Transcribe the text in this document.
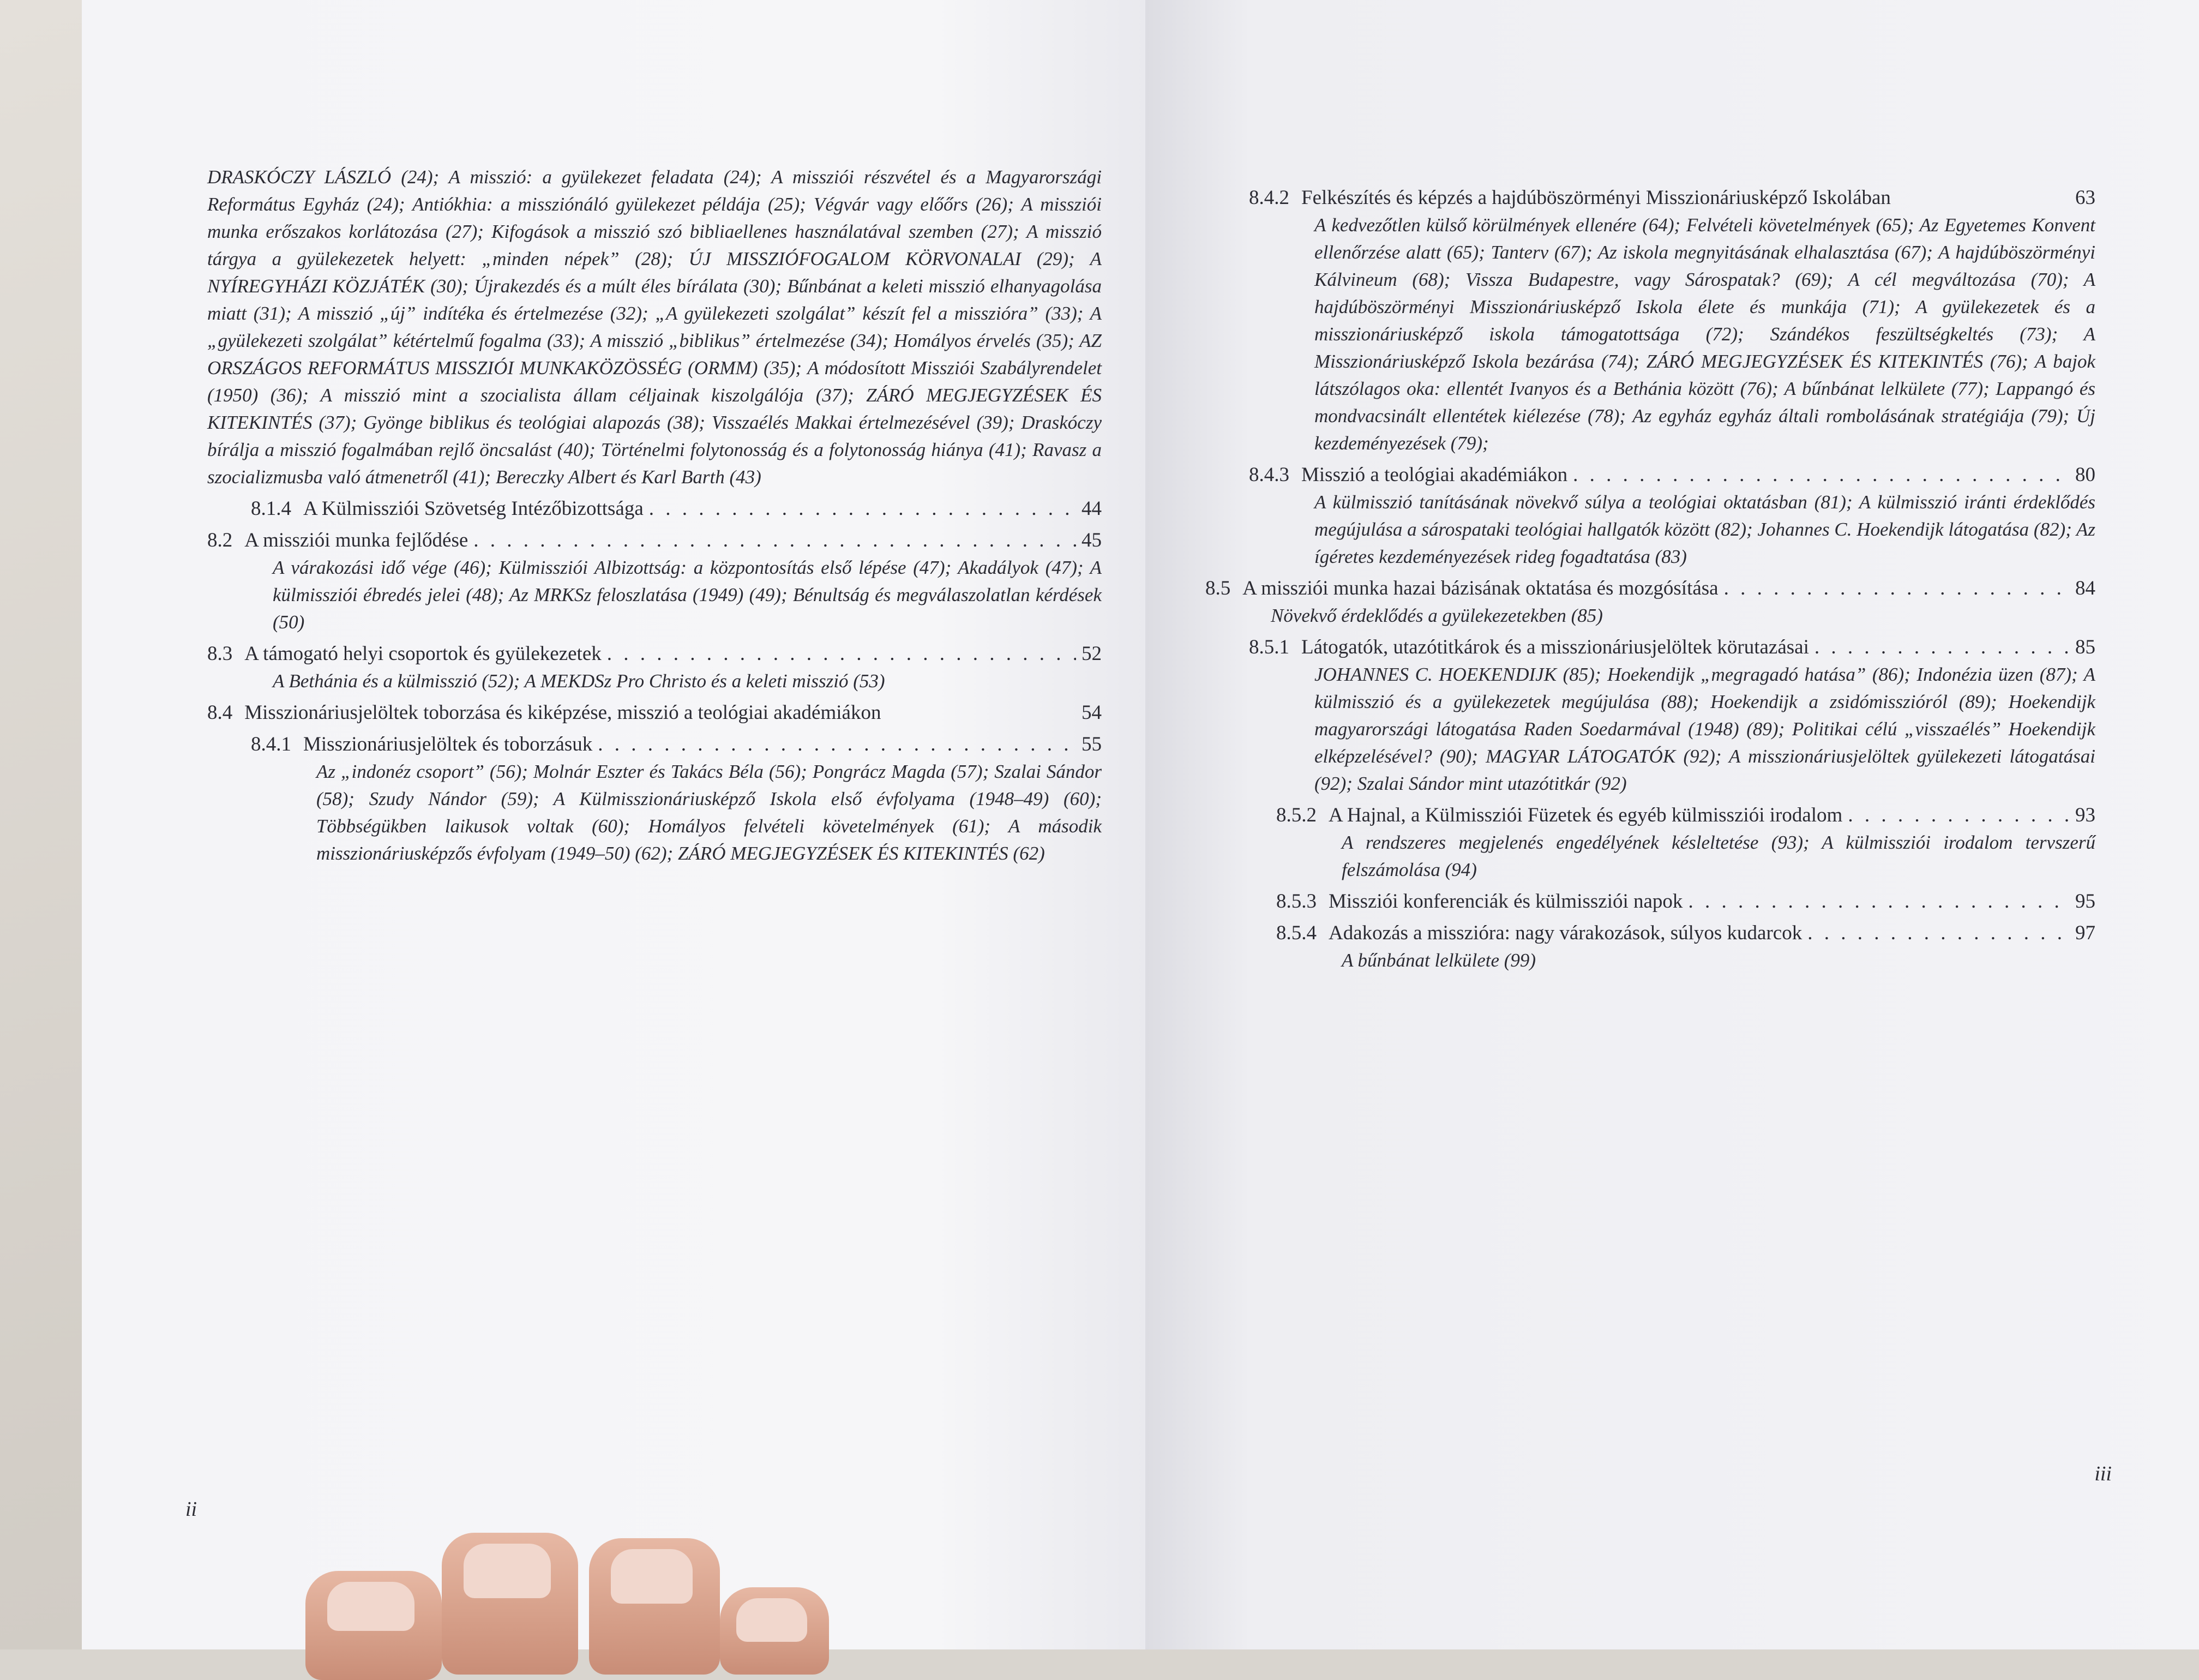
DRASKÓCZY LÁSZLÓ (24); A misszió: a gyülekezet feladata (24); A missziói részvétel és a Magyarországi Református Egyház (24); Antiókhia: a missziónáló gyülekezet példája (25); Végvár vagy előőrs (26); A missziói munka erőszakos korlátozása (27); Kifogások a misszió szó bibliaellenes használatával szemben (27); A misszió tárgya a gyülekezetek helyett: „minden népek” (28); ÚJ MISSZIÓFOGALOM KÖRVONALAI (29); A NYÍREGYHÁZI KÖZJÁTÉK (30); Újrakezdés és a múlt éles bírálata (30); Bűnbánat a keleti misszió elhanyagolása miatt (31); A misszió „új” indítéka és értelmezése (32); „A gyülekezeti szolgálat” készít fel a misszióra” (33); A „gyülekezeti szolgálat” kétértelmű fogalma (33); A misszió „biblikus” értelmezése (34); Homályos érvelés (35); AZ ORSZÁGOS REFORMÁTUS MISSZIÓI MUNKAKÖZÖSSÉG (ORMM) (35); A módosított Missziói Szabályrendelet (1950) (36); A misszió mint a szocialista állam céljainak kiszolgálója (37); ZÁRÓ MEGJEGYZÉSEK ÉS KITEKINTÉS (37); Gyönge biblikus és teológiai alapozás (38); Visszaélés Makkai értelmezésével (39); Draskóczy bírálja a misszió fogalmában rejlő öncsalást (40); Történelmi folytonosság és a folytonosság hiánya (41); Ravasz a szocializmusba való átmenetről (41); Bereczky Albert és Karl Barth (43)
8.1.4 A Külmissziói Szövetség Intézőbizottsága . . .	44
8.2 A missziói munka fejlődése . . .	45
A várakozási idő vége (46); Külmissziói Albizottság: a központosítás első lépése (47); Akadályok (47); A külmissziói ébredés jelei (48); Az MRKSz feloszlatása (1949) (49); Bénultság és megválaszolatlan kérdések (50)
8.3 A támogató helyi csoportok és gyülekezetek . . .	52
A Bethánia és a külmisszió (52); A MEKDSz Pro Christo és a keleti misszió (53)
8.4 Misszionáriusjelöltek toborzása és kiképzése, misszió a teológiai akadémiákon	54
8.4.1 Misszionáriusjelöltek és toborzásuk . . .	55
Az „indonéz csoport” (56); Molnár Eszter és Takács Béla (56); Pongrácz Magda (57); Szalai Sándor (58); Szudy Nándor (59); A Külmisszionáriusképző Iskola első évfolyama (1948–49) (60); Többségükben laikusok voltak (60); Homályos felvételi követelmények (61); A második misszionáriusképzős évfolyam (1949–50) (62); ZÁRÓ MEGJEGYZÉSEK ÉS KITEKINTÉS (62)
ii
8.4.2 Felkészítés és képzés a hajdúböszörményi Misszionáriusképző Iskolában	63
A kedvezőtlen külső körülmények ellenére (64); Felvételi követelmények (65); Az Egyetemes Konvent ellenőrzése alatt (65); Tanterv (67); Az iskola megnyitásának elhalasztása (67); A hajdúböszörményi Kálvineum (68); Vissza Budapestre, vagy Sárospatak? (69); A cél megváltozása (70); A hajdúböszörményi Misszionáriusképző Iskola élete és munkája (71); A gyülekezetek és a misszionáriusképző iskola támogatottsága (72); Szándékos feszültségkeltés (73); A Misszionáriusképző Iskola bezárása (74); ZÁRÓ MEGJEGYZÉSEK ÉS KITEKINTÉS (76); A bajok látszólagos oka: ellentét Ivanyos és a Bethánia között (76); A bűnbánat lelkülete (77); Lappangó és mondvacsinált ellentétek kiélezése (78); Az egyház egyház általi rombolásának stratégiája (79); Új kezdeményezések (79);
8.4.3 Misszió a teológiai akadémiákon . . .	80
A külmisszió tanításának növekvő súlya a teológiai oktatásban (81); A külmisszió iránti érdeklődés megújulása a sárospataki teológiai hallgatók között (82); Johannes C. Hoekendijk látogatása (82); Az ígéretes kezdeményezések rideg fogadtatása (83)
8.5 A missziói munka hazai bázisának oktatása és mozgósítása . . .	84
Növekvő érdeklődés a gyülekezetekben (85)
8.5.1 Látogatók, utazótitkárok és a misszionáriusjelöltek körutazásai . . .	85
JOHANNES C. HOEKENDIJK (85); Hoekendijk „megragadó hatása” (86); Indonézia üzen (87); A külmisszió és a gyülekezetek megújulása (88); Hoekendijk a zsidómisszióról (89); Hoekendijk magyarországi látogatása Raden Soedarmával (1948) (89); Politikai célú „visszaélés” Hoekendijk elképzelésével? (90); MAGYAR LÁTOGATÓK (92); A misszionáriusjelöltek gyülekezeti látogatásai (92); Szalai Sándor mint utazótitkár (92)
8.5.2 A Hajnal, a Külmissziói Füzetek és egyéb külmissziói irodalom . . .	93
A rendszeres megjelenés engedélyének késleltetése (93); A külmissziói irodalom tervszerű felszámolása (94)
8.5.3 Missziói konferenciák és külmissziói napok . . .	95
8.5.4 Adakozás a misszióra: nagy várakozások, súlyos kudarcok . . .	97
A bűnbánat lelkülete (99)
iii
